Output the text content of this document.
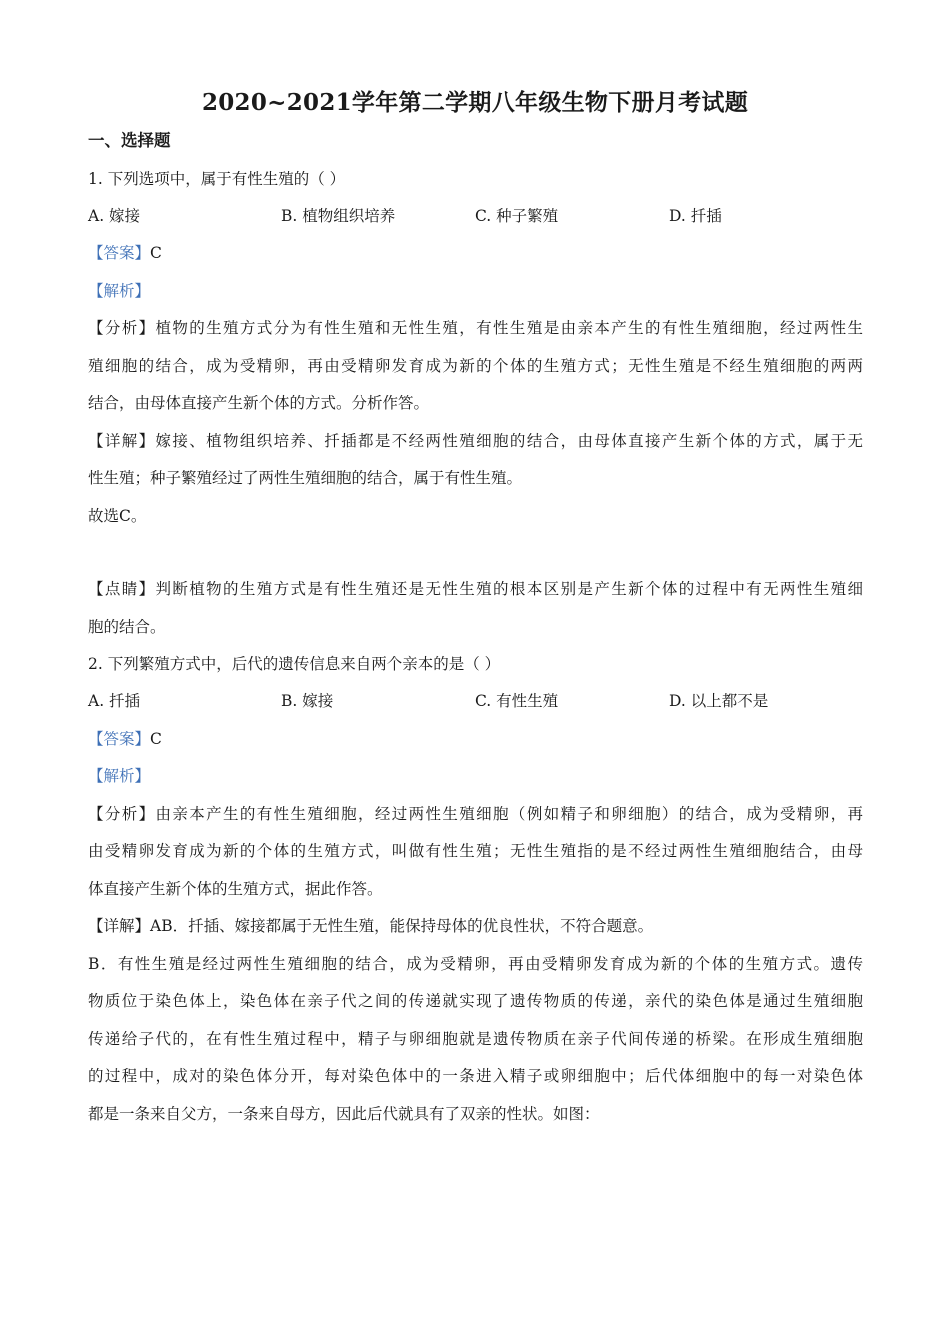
2020~2021学年第二学期八年级生物下册月考试题
一、选择题
1. 下列选项中，属于有性生殖的（ ）
A. 嫁接	B. 植物组织培养	C. 种子繁殖	D. 扦插
【答案】C
【解析】
【分析】植物的生殖方式分为有性生殖和无性生殖，有性生殖是由亲本产生的有性生殖细胞，经过两性生
殖细胞的结合，成为受精卵，再由受精卵发育成为新的个体的生殖方式；无性生殖是不经生殖细胞的两两
结合，由母体直接产生新个体的方式。分析作答。
【详解】嫁接、植物组织培养、扦插都是不经两性殖细胞的结合，由母体直接产生新个体的方式，属于无
性生殖；种子繁殖经过了两性生殖细胞的结合，属于有性生殖。
故选C。
【点睛】判断植物的生殖方式是有性生殖还是无性生殖的根本区别是产生新个体的过程中有无两性生殖细
胞的结合。
2. 下列繁殖方式中，后代的遗传信息来自两个亲本的是（ ）
A. 扦插	B. 嫁接	C. 有性生殖	D. 以上都不是
【答案】C
【解析】
【分析】由亲本产生的有性生殖细胞，经过两性生殖细胞（例如精子和卵细胞）的结合，成为受精卵，再
由受精卵发育成为新的个体的生殖方式，叫做有性生殖；无性生殖指的是不经过两性生殖细胞结合，由母
体直接产生新个体的生殖方式，据此作答。
【详解】AB．扦插、嫁接都属于无性生殖，能保持母体的优良性状，不符合题意。
B．有性生殖是经过两性生殖细胞的结合，成为受精卵，再由受精卵发育成为新的个体的生殖方式。遗传
物质位于染色体上，染色体在亲子代之间的传递就实现了遗传物质的传递，亲代的染色体是通过生殖细胞
传递给子代的，在有性生殖过程中，精子与卵细胞就是遗传物质在亲子代间传递的桥梁。在形成生殖细胞
的过程中，成对的染色体分开，每对染色体中的一条进入精子或卵细胞中；后代体细胞中的每一对染色体
都是一条来自父方，一条来自母方，因此后代就具有了双亲的性状。如图：
